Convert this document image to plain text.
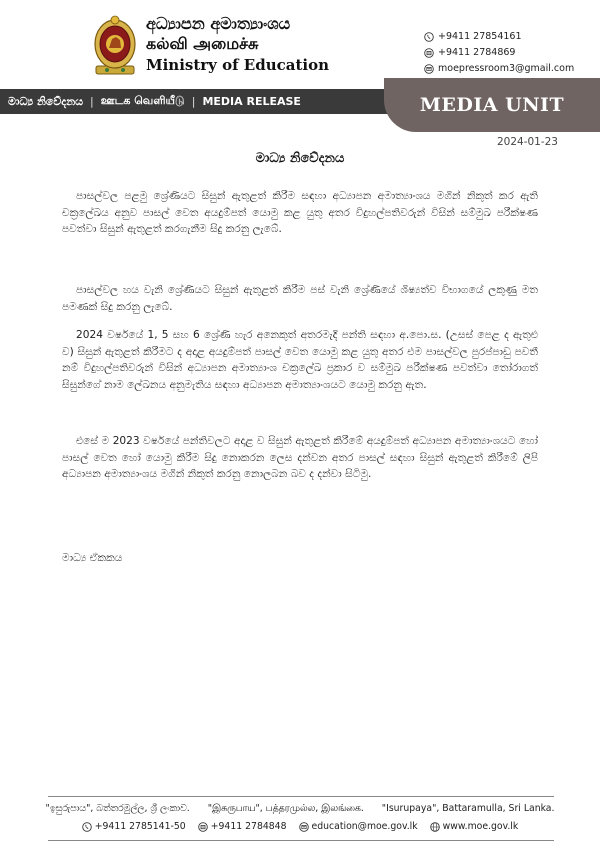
අධ්‍යාපන අමාත්‍යාංශය
கல்வி அமைச்சு
Ministry of Education
+9411 27854161
+9411 2784869
moepressroom3@gmail.com
මාධ්‍ය නිවේදනය | ஊடக வெளியீடு | MEDIA RELEASE	MEDIA UNIT
2024-01-23
මාධ්‍ය නිවේදනය

පාසල්වල පළමු ශ්‍රේණියට සිසුන් ඇතුළත් කිරීම සඳහා අධ්‍යාපන අමාත්‍යාංශය මගින් නිකුත් කර ඇති චක්‍රලේඛය අනුව පාසල් වෙත අයදුම්පත් යොමු කළ යුතු අතර විදුහල්පතිවරුන් විසින් සම්මුඛ පරීක්ෂණ පවත්වා සිසුන් ඇතුළත් කරගැනීම සිදු කරනු ලැබේ.

පාසල්වල හය වැනි ශ්‍රේණියට සිසුන් ඇතුළත් කිරීම පස් වැනි ශ්‍රේණියේ ශිෂ්‍යත්ව විභාගයේ ලකුණු මත පමණක් සිදු කරනු ලැබේ.

2024 වර්ෂයේ 1, 5 සහ 6 ශ්‍රේණි හැර අනෙකුත් අතරමැදි පන්ති සඳහා අ.පො.ස. (උසස් පෙළ ද ඇතුළු ව) සිසුන් ඇතුළත් කිරීමට ද අදාළ අයදුම්පත් පාසල් වෙත යොමු කළ යුතු අතර එම පාසල්වල පුරප්පාඩු පවතී නම් විදුහල්පතිවරුන් විසින් අධ්‍යාපන අමාත්‍යාංශ චක්‍රලේඛ ප්‍රකාර ව සම්මුඛ පරීක්ෂණ පවත්වා තෝරාගත් සිසුන්ගේ නාම ලේඛනය අනුමැතිය සඳහා අධ්‍යාපන අමාත්‍යාංශයට යොමු කරනු ඇත.

එසේ ම 2023 වර්ෂයේ පන්තිවලට අදාළ ව සිසුන් ඇතුළත් කිරීමේ අයදුම්පත් අධ්‍යාපන අමාත්‍යාංශයට හෝ පාසල් වෙත හෝ යොමු කිරීම සිදු නොකරන ලෙස දන්වන අතර පාසල් සඳහා සිසුන් ඇතුළත් කිරීමේ ලිපි අධ්‍යාපන අමාත්‍යාංශය මගින් නිකුත් කරනු නොලබන බව ද දන්වා සිටිමු.

මාධ්‍ය ඒකකය
"ඉසුරුපාය", බත්තරමුල්ල, ශ්‍රී ලංකාව. "இசுருபாய", பத்தரமுல்ல, இலங்கை. "Isurupaya", Battaramulla, Sri Lanka.
+9411 2785141-50	+9411 2784848	education@moe.gov.lk	www.moe.gov.lk
